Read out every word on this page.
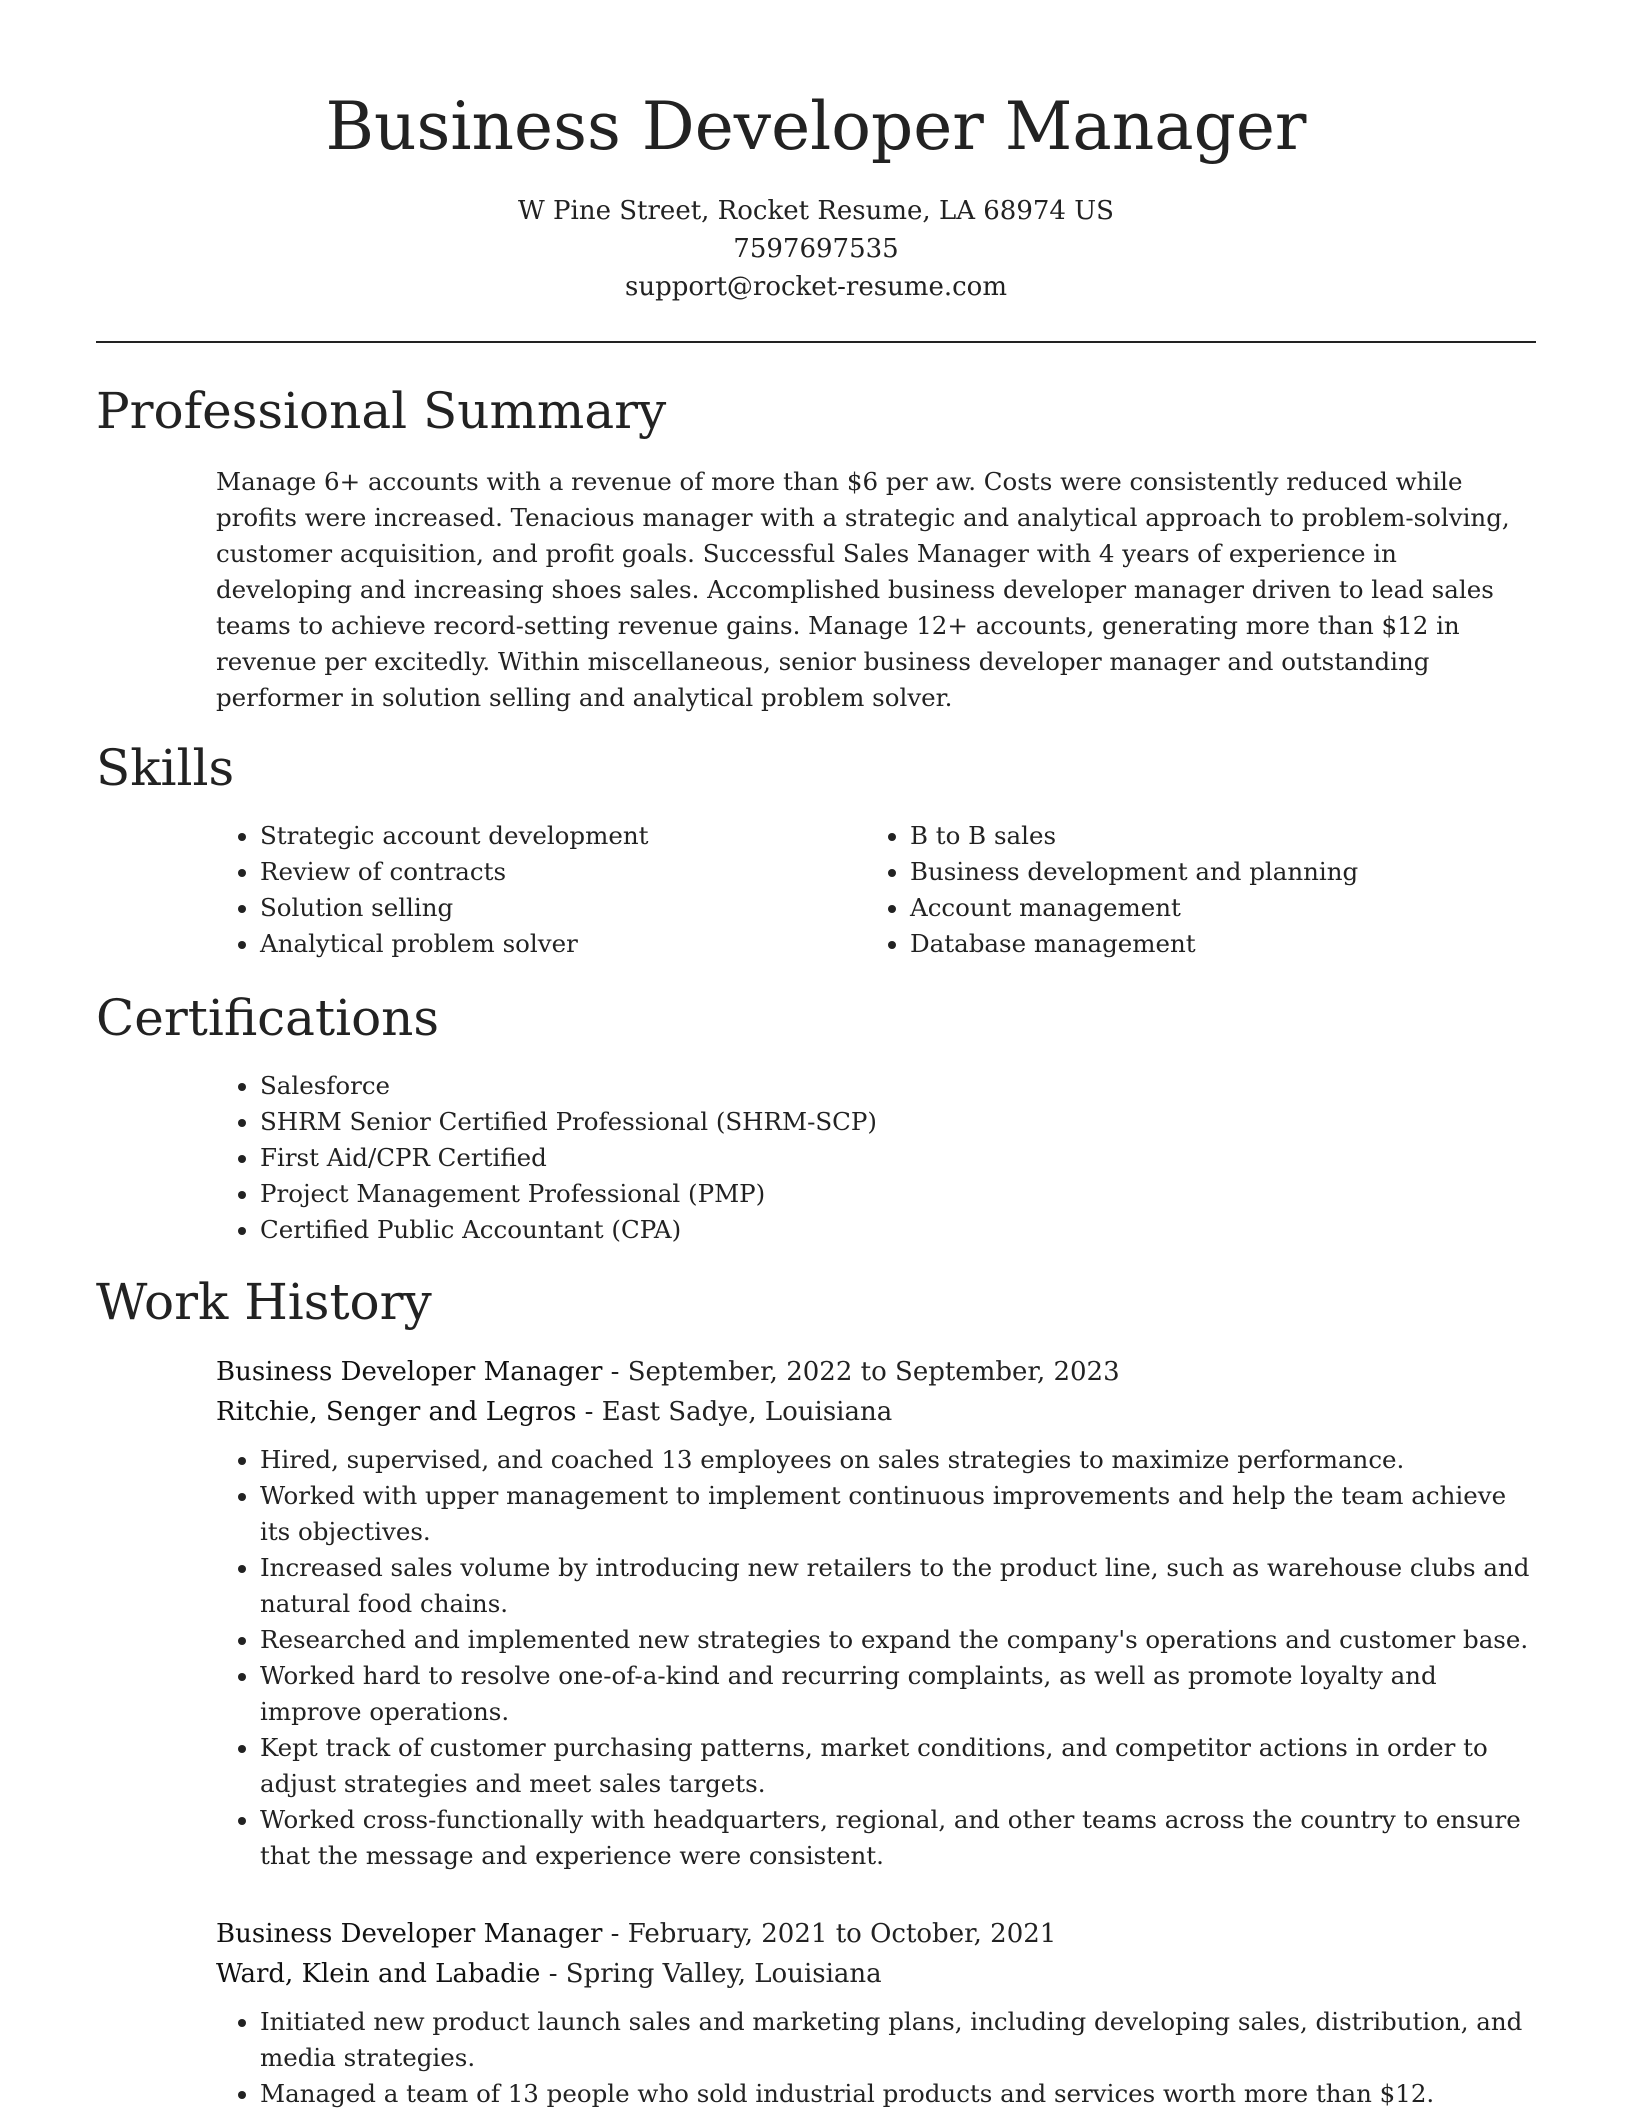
Business Developer Manager
W Pine Street, Rocket Resume, LA 68974 US
7597697535
support@rocket-resume.com
Professional Summary

Manage 6+ accounts with a revenue of more than $6 per aw. Costs were consistently reduced while profits were increased. Tenacious manager with a strategic and analytical approach to problem-solving, customer acquisition, and profit goals. Successful Sales Manager with 4 years of experience in developing and increasing shoes sales. Accomplished business developer manager driven to lead sales teams to achieve record-setting revenue gains. Manage 12+ accounts, generating more than $12 in revenue per excitedly. Within miscellaneous, senior business developer manager and outstanding performer in solution selling and analytical problem solver.

Skills
• Strategic account development
• Review of contracts
• Solution selling
• Analytical problem solver
• B to B sales
• Business development and planning
• Account management
• Database management
Certifications
• Salesforce
• SHRM Senior Certified Professional (SHRM-SCP)
• First Aid/CPR Certified
• Project Management Professional (PMP)
• Certified Public Accountant (CPA)
Work History
Business Developer Manager - September, 2022 to September, 2023
Ritchie, Senger and Legros - East Sadye, Louisiana
• Hired, supervised, and coached 13 employees on sales strategies to maximize performance.
• Worked with upper management to implement continuous improvements and help the team achieve its objectives.
• Increased sales volume by introducing new retailers to the product line, such as warehouse clubs and natural food chains.
• Researched and implemented new strategies to expand the company's operations and customer base.
• Worked hard to resolve one-of-a-kind and recurring complaints, as well as promote loyalty and improve operations.
• Kept track of customer purchasing patterns, market conditions, and competitor actions in order to adjust strategies and meet sales targets.
• Worked cross-functionally with headquarters, regional, and other teams across the country to ensure that the message and experience were consistent.
Business Developer Manager - February, 2021 to October, 2021
Ward, Klein and Labadie - Spring Valley, Louisiana
• Initiated new product launch sales and marketing plans, including developing sales, distribution, and media strategies.
• Managed a team of 13 people who sold industrial products and services worth more than $12.
